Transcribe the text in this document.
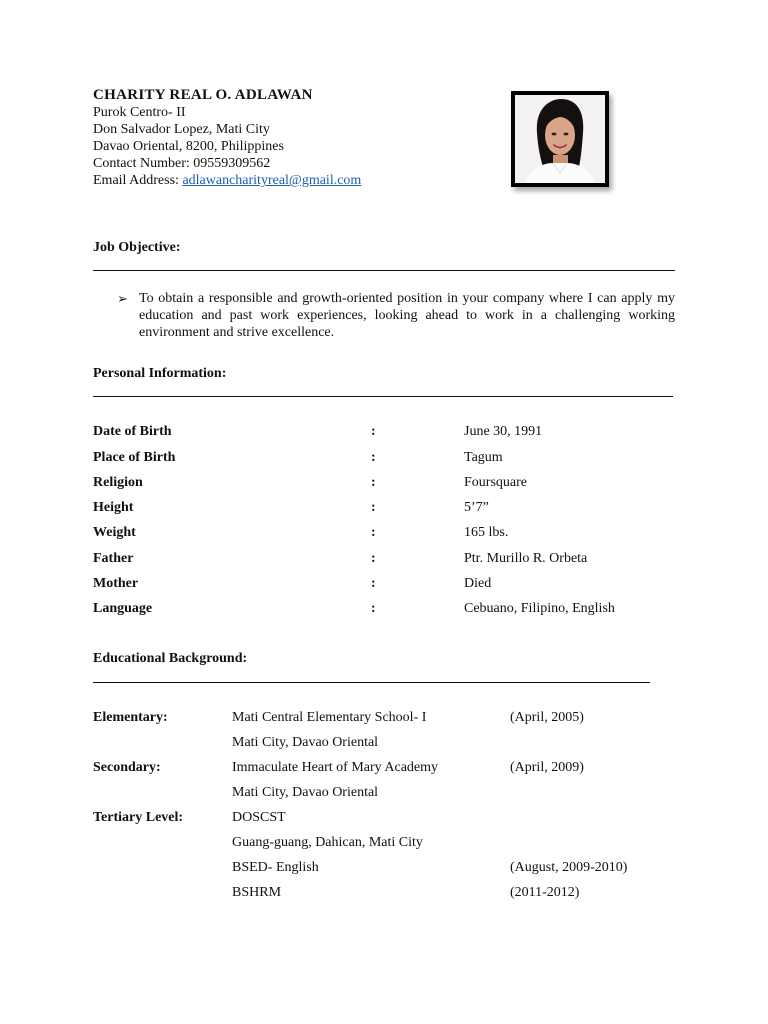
CHARITY REAL O. ADLAWAN
Purok Centro- II
Don Salvador Lopez, Mati City
Davao Oriental, 8200, Philippines
Contact Number: 09559309562
Email Address: adlawancharityreal@gmail.com
Job Objective:
➢ To obtain a responsible and growth-oriented position in your company where I can apply my education and past work experiences, looking ahead to work in a challenging working environment and strive excellence.
Personal Information:
Date of Birth	:	June 30, 1991
Place of Birth	:	Tagum
Religion	:	Foursquare
Height	:	5’7”
Weight	:	165 lbs.
Father	:	Ptr. Murillo R. Orbeta
Mother	:	Died
Language	:	Cebuano, Filipino, English
Educational Background:
Elementary:	Mati Central Elementary School- I	(April, 2005)
Mati City, Davao Oriental
Secondary:	Immaculate Heart of Mary Academy	(April, 2009)
Mati City, Davao Oriental
Tertiary Level:	DOSCST
Guang-guang, Dahican, Mati City
BSED- English	(August, 2009-2010)
BSHRM	(2011-2012)
